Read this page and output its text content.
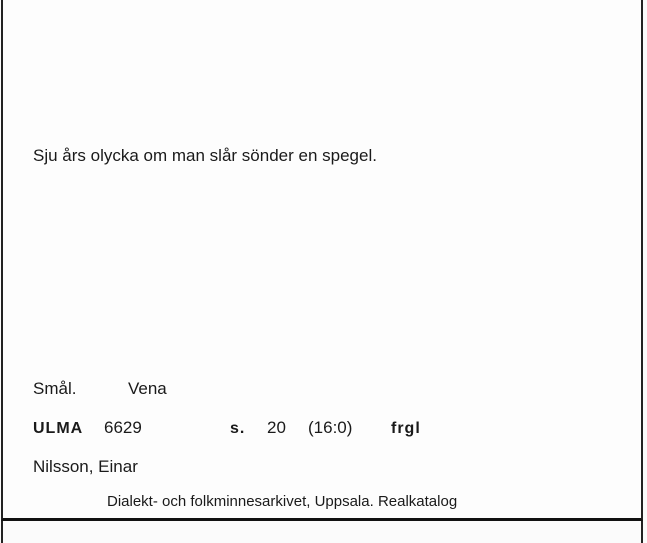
Sju års olycka om man slår sönder en spegel.
Smål.	Vena
ULMA 6629	s. 20 (16:0) frgl
Nilsson, Einar
Dialekt- och folkminnesarkivet, Uppsala. Realkatalog
